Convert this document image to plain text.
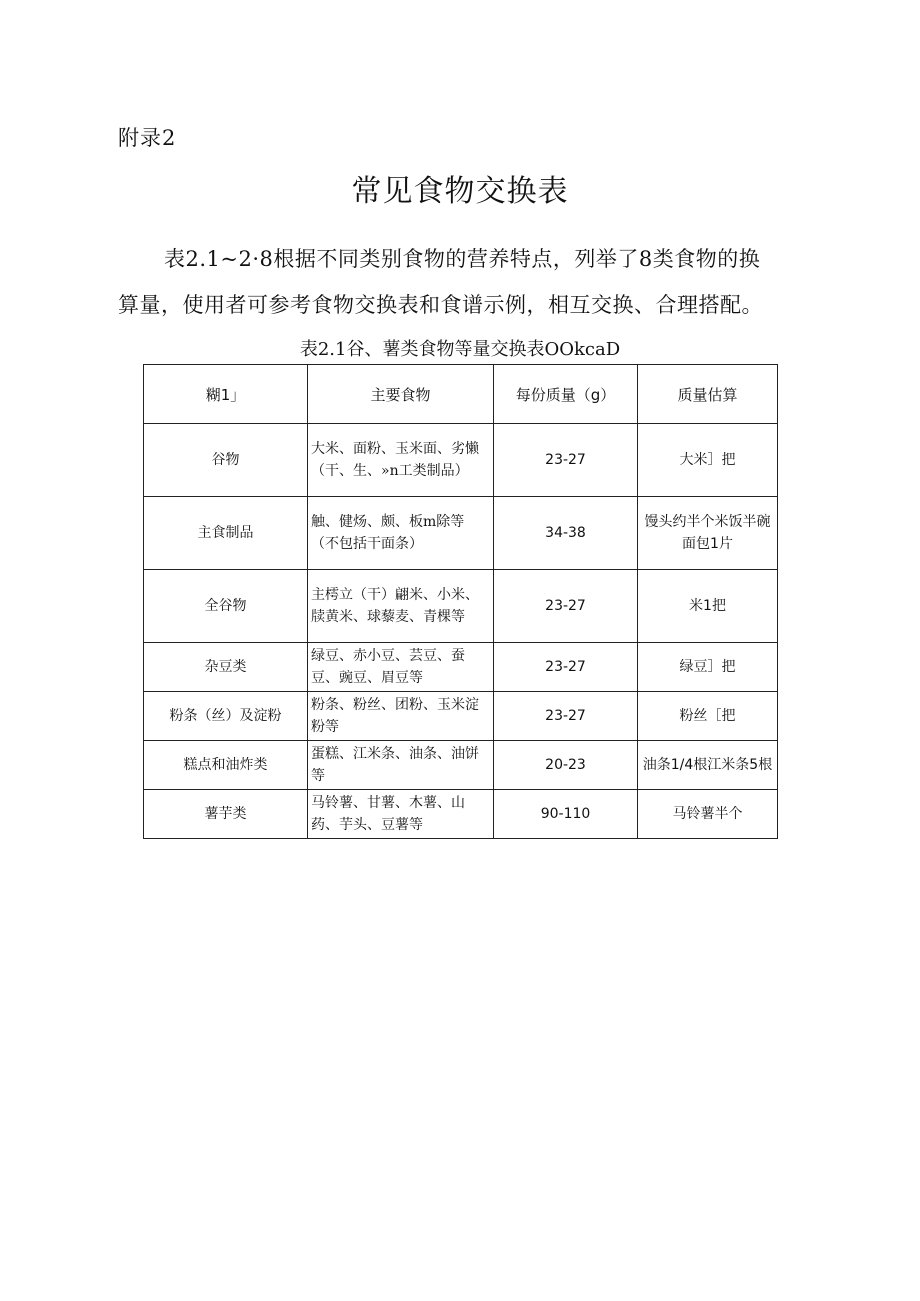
附录2
常见食物交换表

表2.1~2·8根据不同类别食物的营养特点，列举了8类食物的换

算量，使用者可参考食物交换表和食谱示例，相互交换、合理搭配。

表2.1谷、薯类食物等量交换表OOkcaD
糊1」	主要食物	每份质量（g）	质量估算
谷物	大米、面粉、玉米面、劣懒（干、生、»n工类制品）	23-27	大米］把
主食制品	触、健炀、颇、板m除等（不包括干面条）	34-38	馒头约半个米饭半碗面包1片
全谷物	主樗立（干）翩米、小米、牍黄米、球藜麦、青棵等	23-27	米1把
杂豆类	绿豆、赤小豆、芸豆、蚕豆、豌豆、眉豆等	23-27	绿豆］把
粉条（丝）及淀粉	粉条、粉丝、团粉、玉米淀粉等	23-27	粉丝［把
糕点和油炸类	蛋糕、江米条、油条、油饼等	20-23	油条1/4根江米条5根
薯芋类	马铃薯、甘薯、木薯、山药、芋头、豆薯等	90-110	马铃薯半个
